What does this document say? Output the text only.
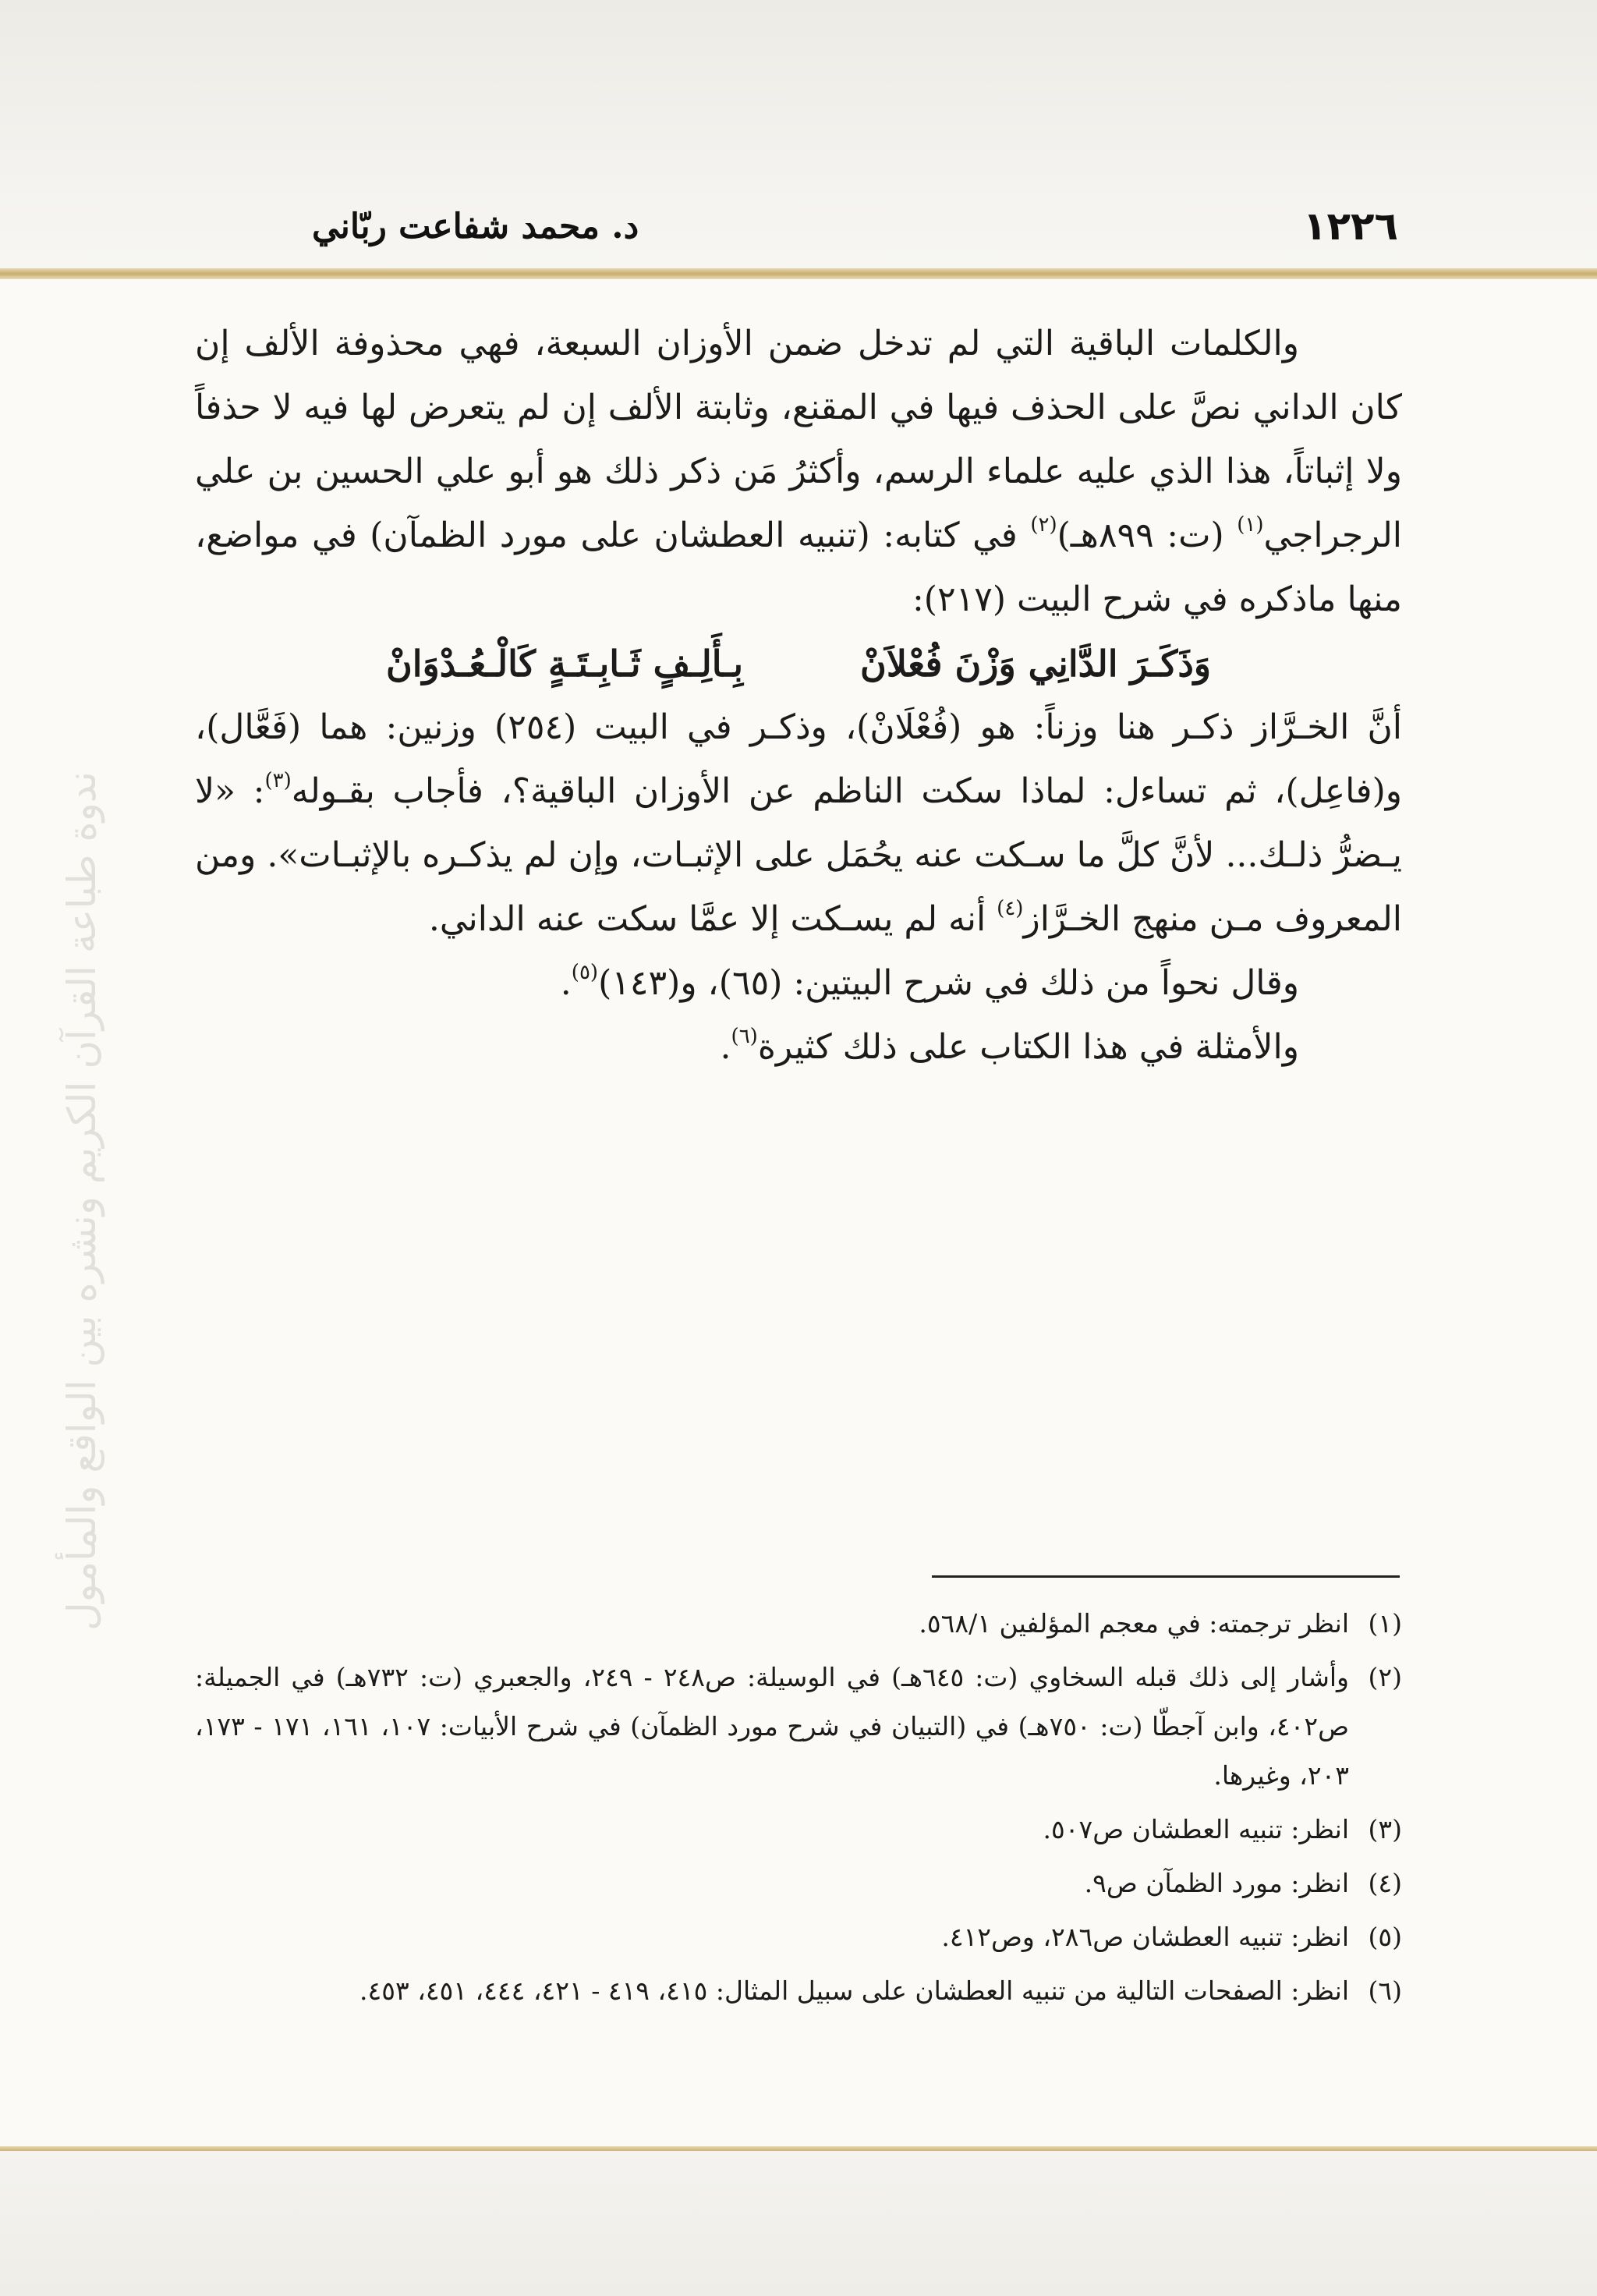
١٢٢٦
د. محمد شفاعت ربّاني
ندوة طباعة القرآن الكريم ونشره بين الواقع والمأمول

والكلمات الباقية التي لم تدخل ضمن الأوزان السبعة، فهي محذوفة الألف إن كان الداني نصَّ على الحذف فيها في المقنع، وثابتة الألف إن لم يتعرض لها فيه لا حذفاً ولا إثباتاً، هذا الذي عليه علماء الرسم، وأكثرُ مَن ذكر ذلك هو أبو علي الحسين بن علي الرجراجي$^{(١)}$ (ت: ٨٩٩هـ)$^{(٢)}$ في كتابه: (تنبيه العطشان على مورد الظمآن) في مواضع، منها ماذكره في شرح البيت (٢١٧):

وَذَكَـرَ الدَّانِي وَزْنَ فُعْلاَنْ
بِـأَلِـفٍ ثَـابِـتَـةٍ كَالْـعُـدْوَانْ

أنَّ الخـرَّاز ذكـر هنا وزناً: هو (فُعْلَانْ)، وذكـر في البيت (٢٥٤) وزنين: هما (فَعَّال)، و(فاعِل)، ثم تساءل: لماذا سكت الناظم عن الأوزان الباقية؟، فأجاب بقـوله$^{(٣)}$: «لا يـضرُّ ذلـك... لأنَّ كلَّ ما سـكت عنه يحُمَل على الإثبـات، وإن لم يذكـره بالإثبـات». ومن المعروف مـن منهج الخـرَّاز$^{(٤)}$ أنه لم يسـكت إلا عمَّا سكت عنه الداني.

وقال نحواً من ذلك في شرح البيتين: (٦٥)، و(١٤٣)$^{(٥)}$.

والأمثلة في هذا الكتاب على ذلك كثيرة$^{(٦)}$.

(١)
انظر ترجمته: في معجم المؤلفين ٥٦٨/١.
(٢)
وأشار إلى ذلك قبله السخاوي (ت: ٦٤٥هـ) في الوسيلة: ص٢٤٨ - ٢٤٩، والجعبري (ت: ٧٣٢هـ) في الجميلة: ص٤٠٢، وابن آجطّا (ت: ٧٥٠هـ) في (التبيان في شرح مورد الظمآن) في شرح الأبيات: ١٠٧، ١٦١، ١٧١ - ١٧٣، ٢٠٣، وغيرها.
(٣)
انظر: تنبيه العطشان ص٥٠٧.
(٤)
انظر: مورد الظمآن ص٩.
(٥)
انظر: تنبيه العطشان ص٢٨٦، وص٤١٢.
(٦)
انظر: الصفحات التالية من تنبيه العطشان على سبيل المثال: ٤١٥، ٤١٩ - ٤٢١، ٤٤٤، ٤٥١، ٤٥٣.
